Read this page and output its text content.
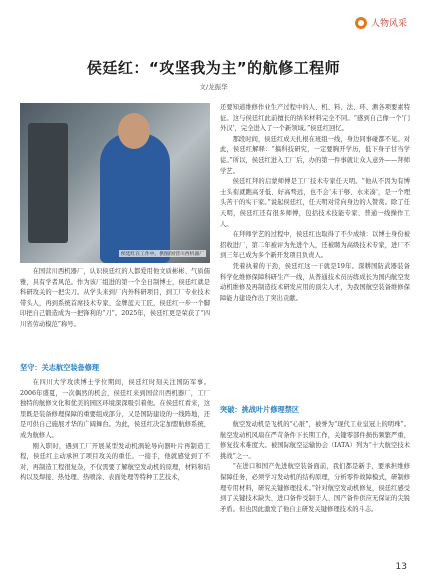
人物风采
侯廷红：“攻坚我为主”的航修工程师
文/龙振华
侯廷红在工作中。供图/国营川西机器厂

在国营川西机器厂，认识侯廷红的人都爱用他文质彬彬、气质儒雅，具有学者风范。作为该厂组进的第一个全日制博士，侯廷红就是科研攻关的一把尖刀。从学头来到厂内外科研项目，到工厂专业技术带头人，再到系统首席技术专家、金牌蓝天工匠，侯廷红一步一个脚印把自己锻造成为一把锋利的“刀”。2025年，侯廷红更是荣获了“四川省劳动模范”称号。

坚守：关志航空装备修理

在四川大学攻读博士学位期间，侯廷红时刻关注国防军事。2006年盛夏，一次偶然的机会，侯廷红来到国营川西机器厂，工厂独特的航修文化和优美的园区环境深深吸引着他。在侯廷红看来，这里既是装备修理保障的重要组成部分，又是国防建设的一线阵地，还是可供自己施展才华的广阔舞台。为此，侯廷红决定加盟航修系统，成为航修人。

刚入职时，遇到工厂开展某型发动机涡轮导向器叶片再制造工程，侯廷红主动承担了项目攻关的重任。一接手，他就感觉到了不对，再制造工程很复杂，不仅需要了解航空发动机的原理，材料和结构以及焊接、热处理、热喷涂、表面处理等特种工艺技术，

还要知道维修作业生产过程中的人、机、料、法、环、测各项要素特征。这与侯廷红此前擅长的纳米材料完全不同。“感到自己像一个‘门外汉’，完全进入了一个新领域。”侯廷红回忆。

那段时间，侯廷红成天扎根在班组一线，身边同事碰都不见。对此，侯廷红解释：“搞科技研究，一定要胸开学历，低下身子甘当学徒。”所以，侯廷红进入工厂后，办的第一件事就让众人意外——拜师学艺。

侯廷红拜的启蒙师傅是工厂技术专家任天明。“他从不因为有博士头衔就瞧高牙低、好高骛远，也不会‘未干够、水来凑’，是一个埋头苦干的实干家。”说起侯廷红，任天明对常向身边的人赞赏。除了任天明，侯廷红还有很多师傅，包括技术技能专家、普通一线操作工人。

在拜师学艺的过程中，侯廷红也取得了不少成绩：以博士身份被招收进厂，第二年被评为先进个人，还被聘为高级技术专家，进厂不到三年已成为多个新开发项目负责人。

凭着执着的干劲，侯廷红这一干就是19年。深耕国防武器装备科学化维修保障科研生产一线，从普通技术员历练成长为国内航空发动机维修及再制造技术研发应用的顶尖人才，为我国航空装备维修保障能力建设作出了突出贡献。

突破：挑战叶片修理禁区

航空发动机是飞机的“心脏”，被誉为“现代工业皇冠上的明珠”。航空发动机风扇在严苛条件下长期工作，关键零部件损伤频繁严重，修复技术难度大。被国际航空运输协会（IATA）列为“十大航空技术挑战”之一。

“在进口和国产先进航空装备面前，我们都是新手，要承担维修保障任务，必须学习发动机的结构原理，分析零件故障模式，研制修理专用材料，研究关键修理技术。”针对航空发动机修复，侯廷红感受到了关键技术缺失、进口备件受制于人、国产备件供应无保证的尖锐矛盾。但也因此激发了他自主研发关键修理技术的斗志。

13
